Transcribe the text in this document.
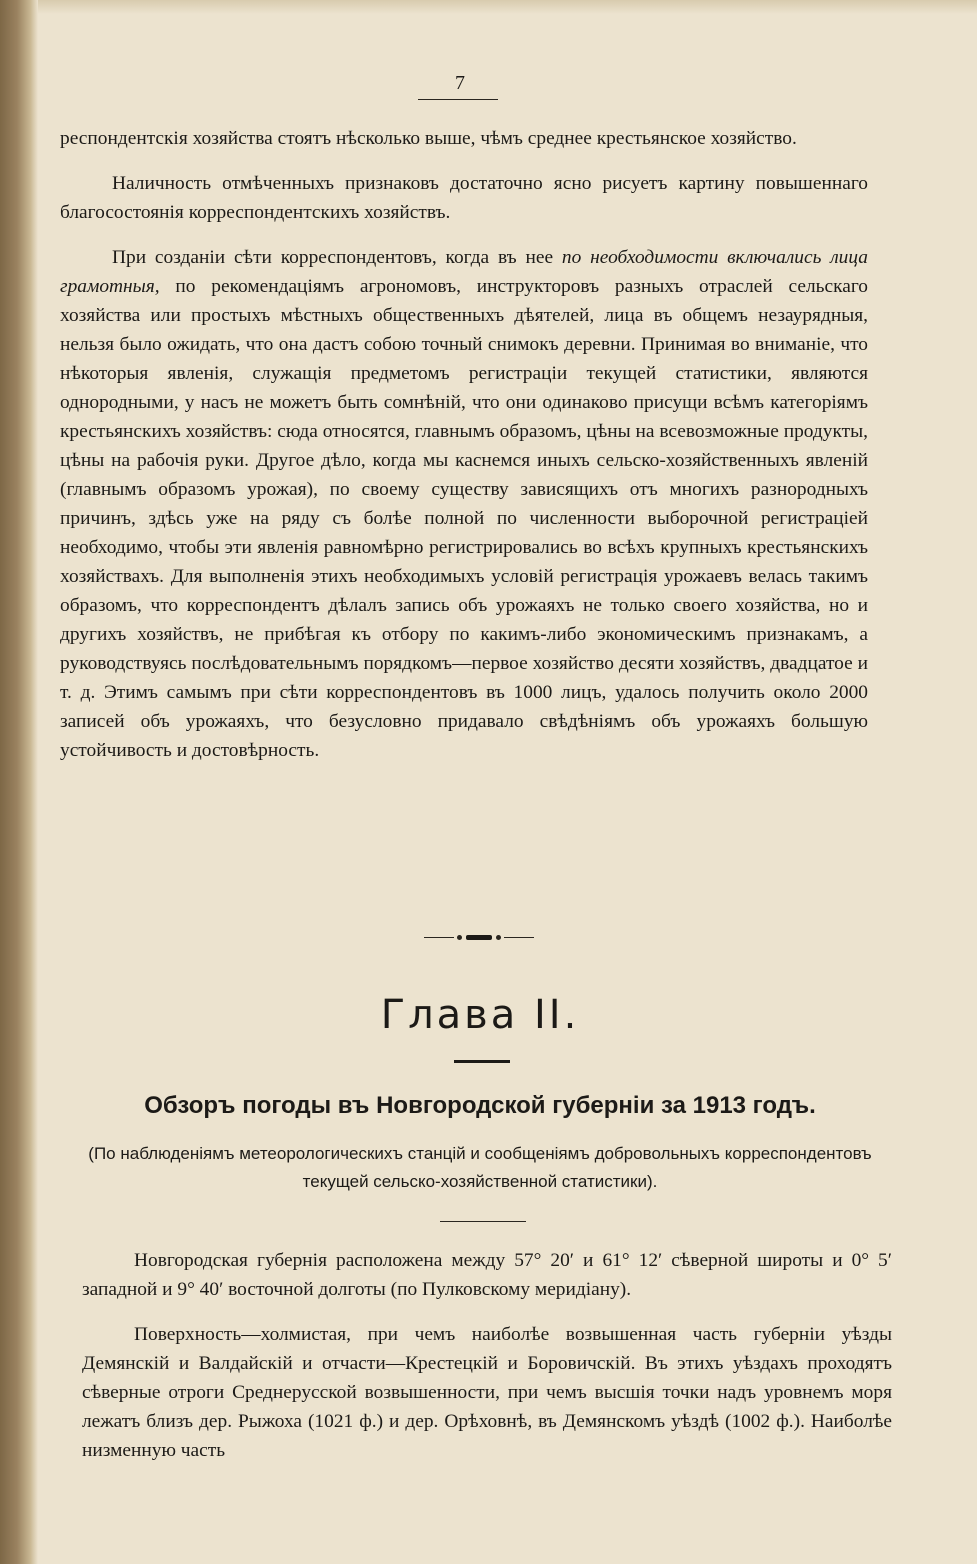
7

респондентскія хозяйства стоятъ нѣсколько выше, чѣмъ среднее крестьянское хозяйство.

Наличность отмѣченныхъ признаковъ достаточно ясно рисуетъ картину повышеннаго благосостоянія корреспондентскихъ хозяйствъ.

При созданіи сѣти корреспондентовъ, когда въ нее по необходимости включались лица грамотныя, по рекомендаціямъ агрономовъ, инструкторовъ разныхъ отраслей сельскаго хозяйства или простыхъ мѣстныхъ общественныхъ дѣятелей, лица въ общемъ незаурядныя, нельзя было ожидать, что она дастъ собою точный снимокъ деревни. Принимая во вниманіе, что нѣкоторыя явленія, служащія предметомъ регистраціи текущей статистики, являются однородными, у насъ не можетъ быть сомнѣній, что они одинаково присущи всѣмъ категоріямъ крестьянскихъ хозяйствъ: сюда относятся, главнымъ образомъ, цѣны на всевозможные продукты, цѣны на рабочія руки. Другое дѣло, когда мы каснемся иныхъ сельско-хозяйственныхъ явленій (главнымъ образомъ урожая), по своему существу зависящихъ отъ многихъ разнородныхъ причинъ, здѣсь уже на ряду съ болѣе полной по численности выборочной регистраціей необходимо, чтобы эти явленія равномѣрно регистрировались во всѣхъ крупныхъ крестьянскихъ хозяйствахъ. Для выполненія этихъ необходимыхъ условій регистрація урожаевъ велась такимъ образомъ, что корреспондентъ дѣлалъ запись объ урожаяхъ не только своего хозяйства, но и другихъ хозяйствъ, не прибѣгая къ отбору по какимъ-либо экономическимъ признакамъ, а руководствуясь послѣдовательнымъ порядкомъ—первое хозяйство десяти хозяйствъ, двадцатое и т. д. Этимъ самымъ при сѣти корреспондентовъ въ 1000 лицъ, удалось получить около 2000 записей объ урожаяхъ, что безусловно придавало свѣдѣніямъ объ урожаяхъ большую устойчивость и достовѣрность.

Глава II.
Обзоръ погоды въ Новгородской губерніи за 1913 годъ.
(По наблюденіямъ метеорологическихъ станцій и сообщеніямъ добровольныхъ корреспондентовъ текущей сельско-хозяйственной статистики).

Новгородская губернія расположена между 57° 20′ и 61° 12′ сѣверной широты и 0° 5′ западной и 9° 40′ восточной долготы (по Пулковскому меридіану).

Поверхность—холмистая, при чемъ наиболѣе возвышенная часть губерніи уѣзды Демянскій и Валдайскій и отчасти—Крестецкій и Боровичскій. Въ этихъ уѣздахъ проходятъ сѣверные отроги Среднерусской возвышенности, при чемъ высшія точки надъ уровнемъ моря лежатъ близъ дер. Рыжоха (1021 ф.) и дер. Орѣховнѣ, въ Демянскомъ уѣздѣ (1002 ф.). Наиболѣе низменную часть
